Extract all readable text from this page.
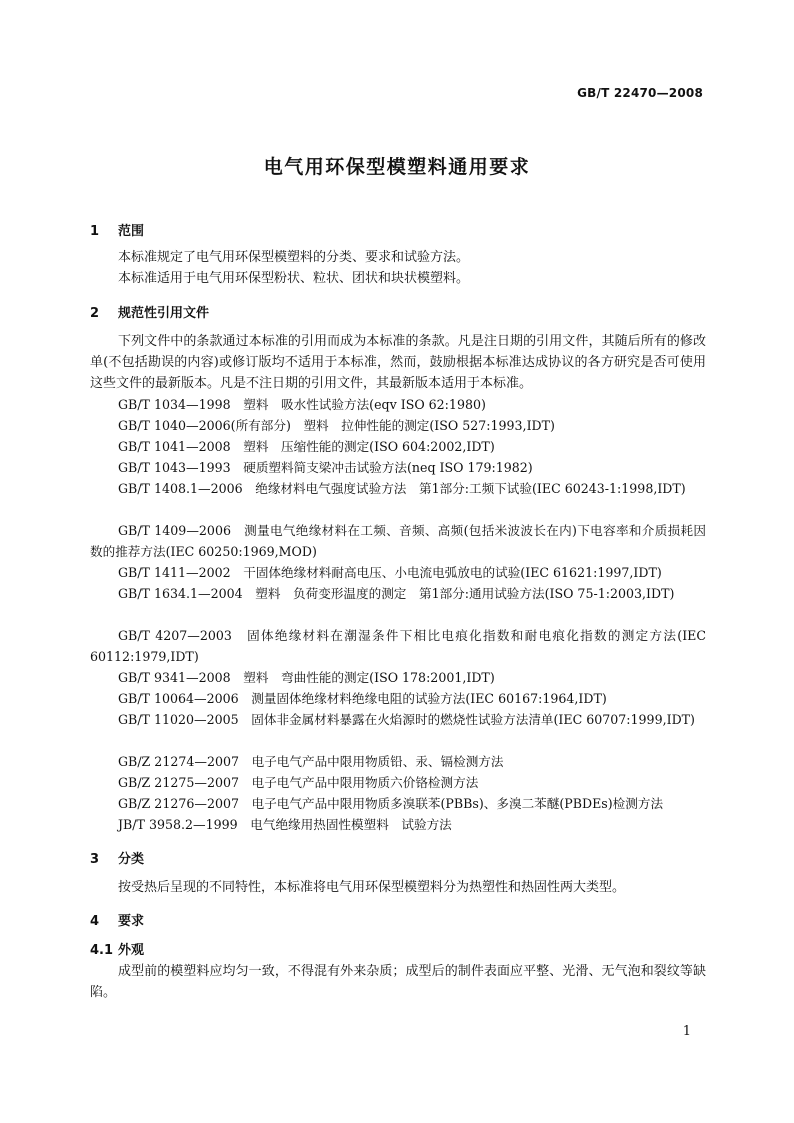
GB/T 22470—2008
电气用环保型模塑料通用要求
1 范围
本标准规定了电气用环保型模塑料的分类、要求和试验方法。
本标准适用于电气用环保型粉状、粒状、团状和块状模塑料。
2 规范性引用文件
下列文件中的条款通过本标准的引用而成为本标准的条款。凡是注日期的引用文件，其随后所有的修改单(不包括勘误的内容)或修订版均不适用于本标准，然而，鼓励根据本标准达成协议的各方研究是否可使用这些文件的最新版本。凡是不注日期的引用文件，其最新版本适用于本标准。
GB/T 1034—1998　塑料　吸水性试验方法(eqv ISO 62:1980)
GB/T 1040—2006(所有部分)　塑料　拉伸性能的测定(ISO 527:1993,IDT)
GB/T 1041—2008　塑料　压缩性能的测定(ISO 604:2002,IDT)
GB/T 1043—1993　硬质塑料简支梁冲击试验方法(neq ISO 179:1982)
GB/T 1408.1—2006　绝缘材料电气强度试验方法　第1部分:工频下试验(IEC 60243-1:1998,IDT)
GB/T 1409—2006　测量电气绝缘材料在工频、音频、高频(包括米波波长在内)下电容率和介质损耗因数的推荐方法(IEC 60250:1969,MOD)
GB/T 1411—2002　干固体绝缘材料耐高电压、小电流电弧放电的试验(IEC 61621:1997,IDT)
GB/T 1634.1—2004　塑料　负荷变形温度的测定　第1部分:通用试验方法(ISO 75-1:2003,IDT)
GB/T 4207—2003　固体绝缘材料在潮湿条件下相比电痕化指数和耐电痕化指数的测定方法(IEC 60112:1979,IDT)
GB/T 9341—2008　塑料　弯曲性能的测定(ISO 178:2001,IDT)
GB/T 10064—2006　测量固体绝缘材料绝缘电阻的试验方法(IEC 60167:1964,IDT)
GB/T 11020—2005　固体非金属材料暴露在火焰源时的燃烧性试验方法清单(IEC 60707:1999,IDT)
GB/Z 21274—2007　电子电气产品中限用物质铅、汞、镉检测方法
GB/Z 21275—2007　电子电气产品中限用物质六价铬检测方法
GB/Z 21276—2007　电子电气产品中限用物质多溴联苯(PBBs)、多溴二苯醚(PBDEs)检测方法
JB/T 3958.2—1999　电气绝缘用热固性模塑料　试验方法
3 分类
按受热后呈现的不同特性，本标准将电气用环保型模塑料分为热塑性和热固性两大类型。
4 要求
4.1 外观
成型前的模塑料应均匀一致，不得混有外来杂质；成型后的制件表面应平整、光滑、无气泡和裂纹等缺陷。
1
